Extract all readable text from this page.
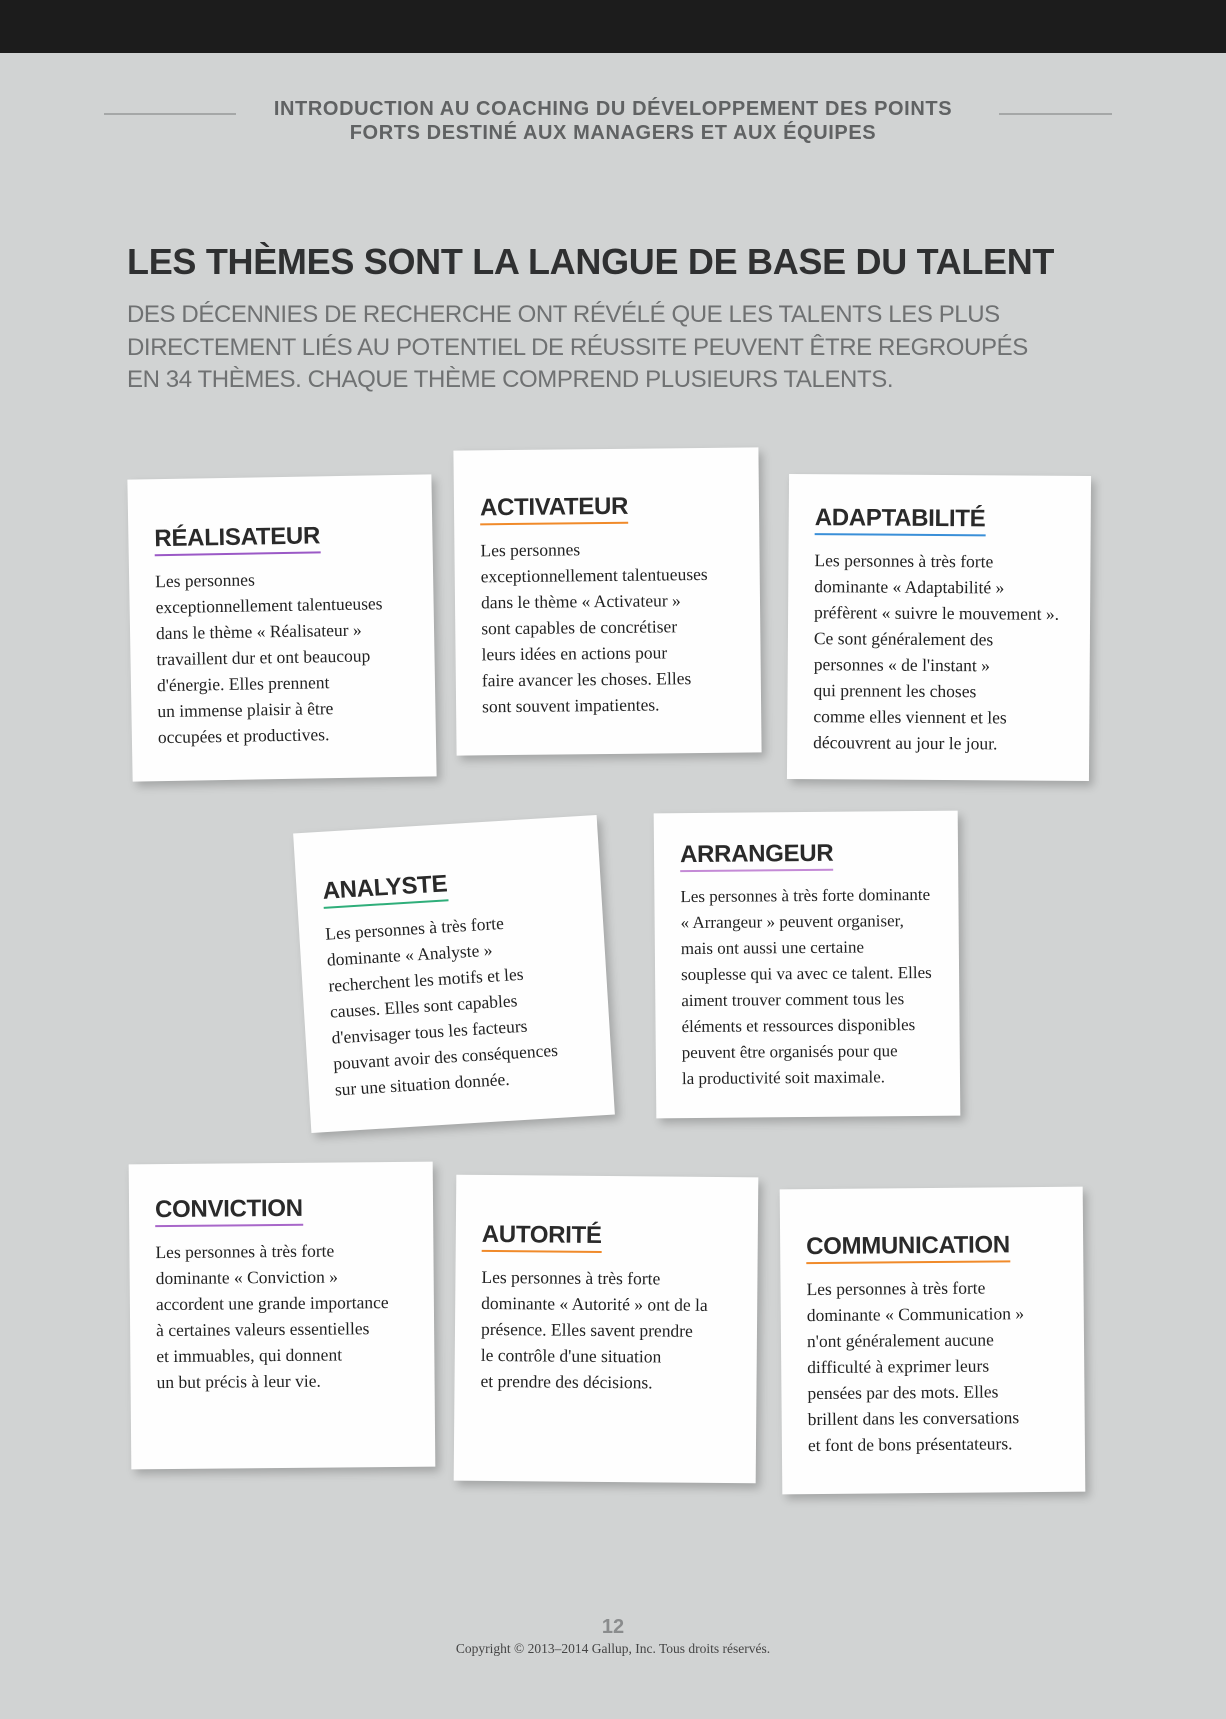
INTRODUCTION AU COACHING DU DÉVELOPPEMENT DES POINTS
FORTS DESTINÉ AUX MANAGERS ET AUX ÉQUIPES
LES THÈMES SONT LA LANGUE DE BASE DU TALENT

DES DÉCENNIES DE RECHERCHE ONT RÉVÉLÉ QUE LES TALENTS LES PLUS DIRECTEMENT LIÉS AU POTENTIEL DE RÉUSSITE PEUVENT ÊTRE REGROUPÉS EN 34 THÈMES. CHAQUE THÈME COMPREND PLUSIEURS TALENTS.

RÉALISATEUR

Les personnes
exceptionnellement talentueuses
dans le thème « Réalisateur »
travaillent dur et ont beaucoup
d'énergie. Elles prennent
un immense plaisir à être
occupées et productives.

ACTIVATEUR

Les personnes
exceptionnellement talentueuses
dans le thème « Activateur »
sont capables de concrétiser
leurs idées en actions pour
faire avancer les choses. Elles
sont souvent impatientes.

ADAPTABILITÉ

Les personnes à très forte
dominante « Adaptabilité »
préfèrent « suivre le mouvement ».
Ce sont généralement des
personnes « de l'instant »
qui prennent les choses
comme elles viennent et les
découvrent au jour le jour.

ANALYSTE

Les personnes à très forte
dominante « Analyste »
recherchent les motifs et les
causes. Elles sont capables
d'envisager tous les facteurs
pouvant avoir des conséquences
sur une situation donnée.

ARRANGEUR

Les personnes à très forte dominante
« Arrangeur » peuvent organiser,
mais ont aussi une certaine
souplesse qui va avec ce talent. Elles
aiment trouver comment tous les
éléments et ressources disponibles
peuvent être organisés pour que
la productivité soit maximale.

CONVICTION

Les personnes à très forte
dominante « Conviction »
accordent une grande importance
à certaines valeurs essentielles
et immuables, qui donnent
un but précis à leur vie.

AUTORITÉ

Les personnes à très forte
dominante « Autorité » ont de la
présence. Elles savent prendre
le contrôle d'une situation
et prendre des décisions.

COMMUNICATION

Les personnes à très forte
dominante « Communication »
n'ont généralement aucune
difficulté à exprimer leurs
pensées par des mots. Elles
brillent dans les conversations
et font de bons présentateurs.

12
Copyright © 2013–2014 Gallup, Inc. Tous droits réservés.
